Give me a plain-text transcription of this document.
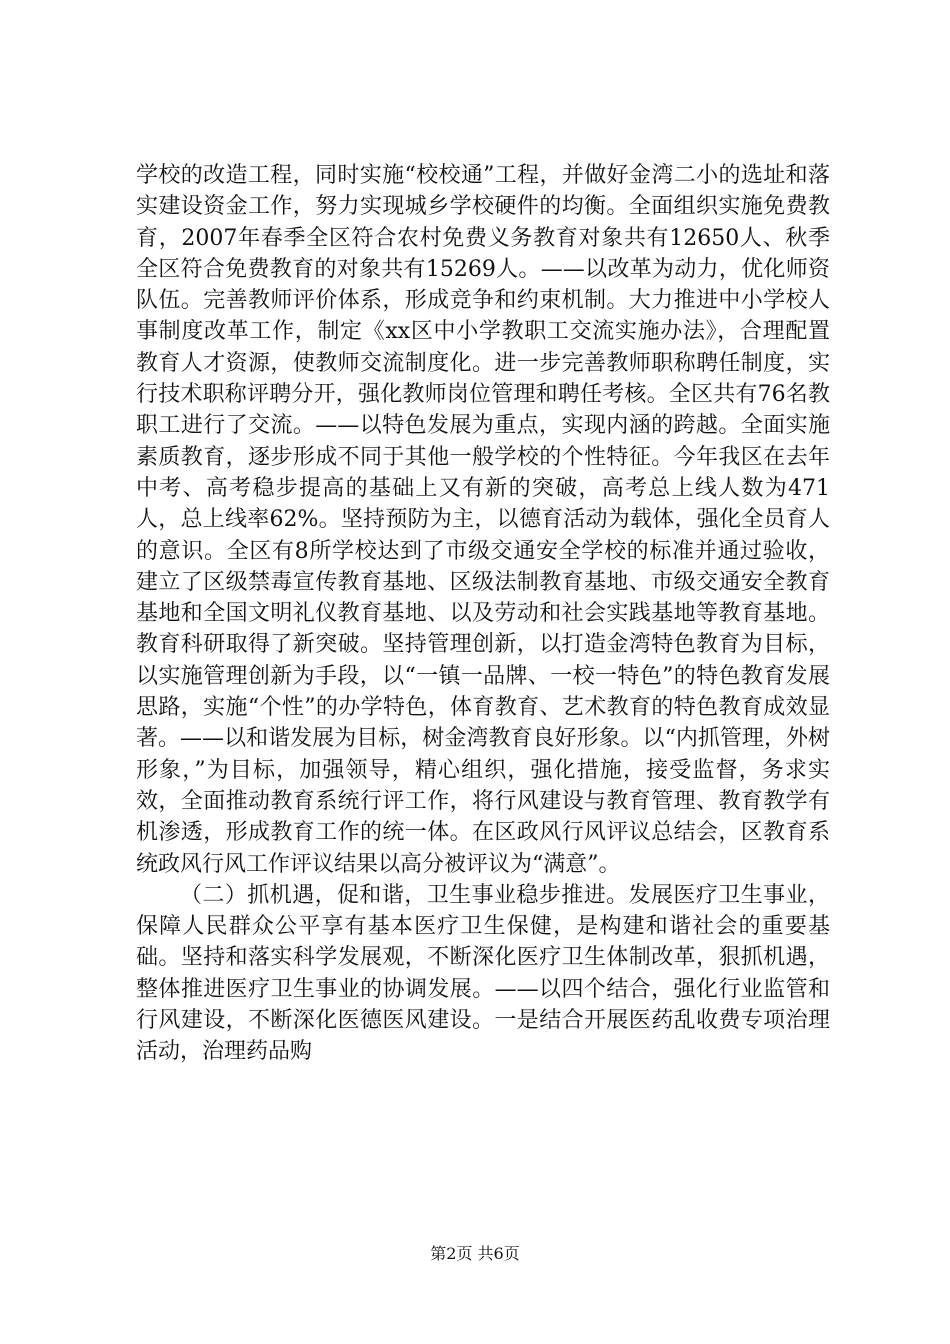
学校的改造工程，同时实施“校校通”工程，并做好金湾二小的选址和落实建设资金工作，努力实现城乡学校硬件的均衡。全面组织实施免费教育，2007年春季全区符合农村免费义务教育对象共有12650人、秋季全区符合免费教育的对象共有15269人。——以改革为动力，优化师资队伍。完善教师评价体系，形成竞争和约束机制。大力推进中小学校人事制度改革工作，制定《xx区中小学教职工交流实施办法》，合理配置教育人才资源，使教师交流制度化。进一步完善教师职称聘任制度，实行技术职称评聘分开，强化教师岗位管理和聘任考核。全区共有76名教职工进行了交流。——以特色发展为重点，实现内涵的跨越。全面实施素质教育，逐步形成不同于其他一般学校的个性特征。今年我区在去年中考、高考稳步提高的基础上又有新的突破，高考总上线人数为471人，总上线率62%。坚持预防为主，以德育活动为载体，强化全员育人的意识。全区有8所学校达到了市级交通安全学校的标准并通过验收，建立了区级禁毒宣传教育基地、区级法制教育基地、市级交通安全教育基地和全国文明礼仪教育基地、以及劳动和社会实践基地等教育基地。教育科研取得了新突破。坚持管理创新，以打造金湾特色教育为目标，以实施管理创新为手段，以“一镇一品牌、一校一特色”的特色教育发展思路，实施“个性”的办学特色，体育教育、艺术教育的特色教育成效显著。——以和谐发展为目标，树金湾教育良好形象。以“内抓管理，外树形象，”为目标，加强领导，精心组织，强化措施，接受监督，务求实效，全面推动教育系统行评工作，将行风建设与教育管理、教育教学有机渗透，形成教育工作的统一体。在区政风行风评议总结会，区教育系统政风行风工作评议结果以高分被评议为“满意”。

（二）抓机遇，促和谐，卫生事业稳步推进。发展医疗卫生事业，保障人民群众公平享有基本医疗卫生保健，是构建和谐社会的重要基础。坚持和落实科学发展观，不断深化医疗卫生体制改革，狠抓机遇，整体推进医疗卫生事业的协调发展。——以四个结合，强化行业监管和行风建设，不断深化医德医风建设。一是结合开展医药乱收费专项治理活动，治理药品购

第2页 共6页
